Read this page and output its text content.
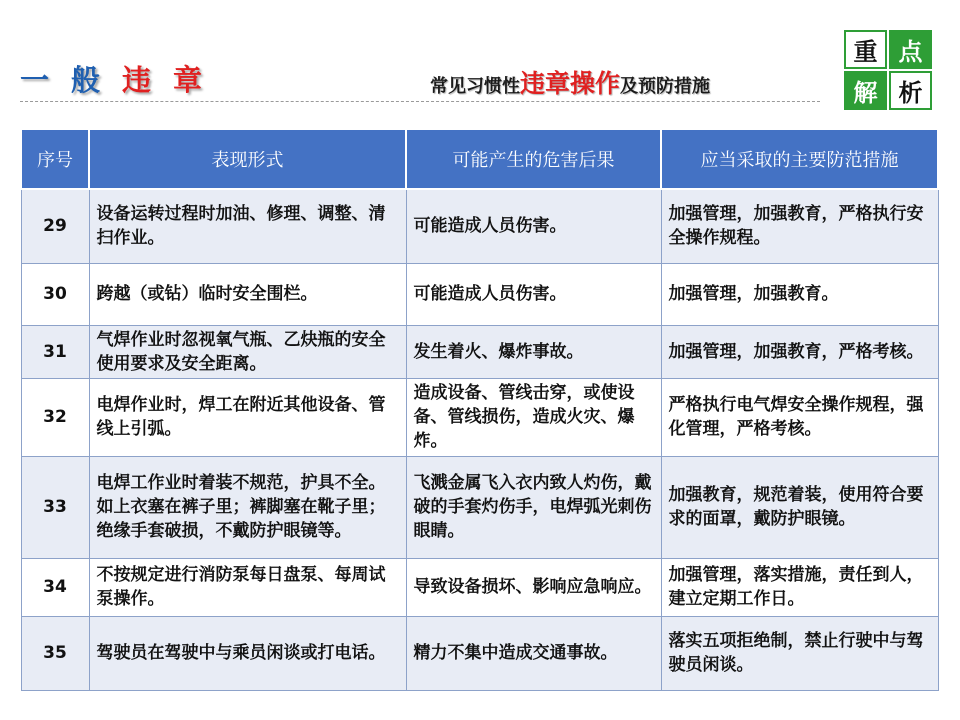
一 般 违 章	常见习惯性违章操作及预防措施
重 点
解 析
序号	表现形式	可能产生的危害后果	应当采取的主要防范措施
29	设备运转过程时加油、修理、调整、清扫作业。	可能造成人员伤害。	加强管理，加强教育，严格执行安全操作规程。
30	跨越（或钻）临时安全围栏。	可能造成人员伤害。	加强管理，加强教育。
31	气焊作业时忽视氧气瓶、乙炔瓶的安全使用要求及安全距离。	发生着火、爆炸事故。	加强管理，加强教育，严格考核。
32	电焊作业时，焊工在附近其他设备、管线上引弧。	造成设备、管线击穿，或使设备、管线损伤，造成火灾、爆炸。	严格执行电气焊安全操作规程，强化管理，严格考核。
33	电焊工作业时着装不规范，护具不全。如上衣塞在裤子里；裤脚塞在靴子里；绝缘手套破损，不戴防护眼镜等。	飞溅金属飞入衣内致人灼伤，戴破的手套灼伤手，电焊弧光刺伤眼睛。	加强教育，规范着装，使用符合要求的面罩，戴防护眼镜。
34	不按规定进行消防泵每日盘泵、每周试泵操作。	导致设备损坏、影响应急响应。	加强管理，落实措施，责任到人，建立定期工作日。
35	驾驶员在驾驶中与乘员闲谈或打电话。	精力不集中造成交通事故。	落实五项拒绝制，禁止行驶中与驾驶员闲谈。
